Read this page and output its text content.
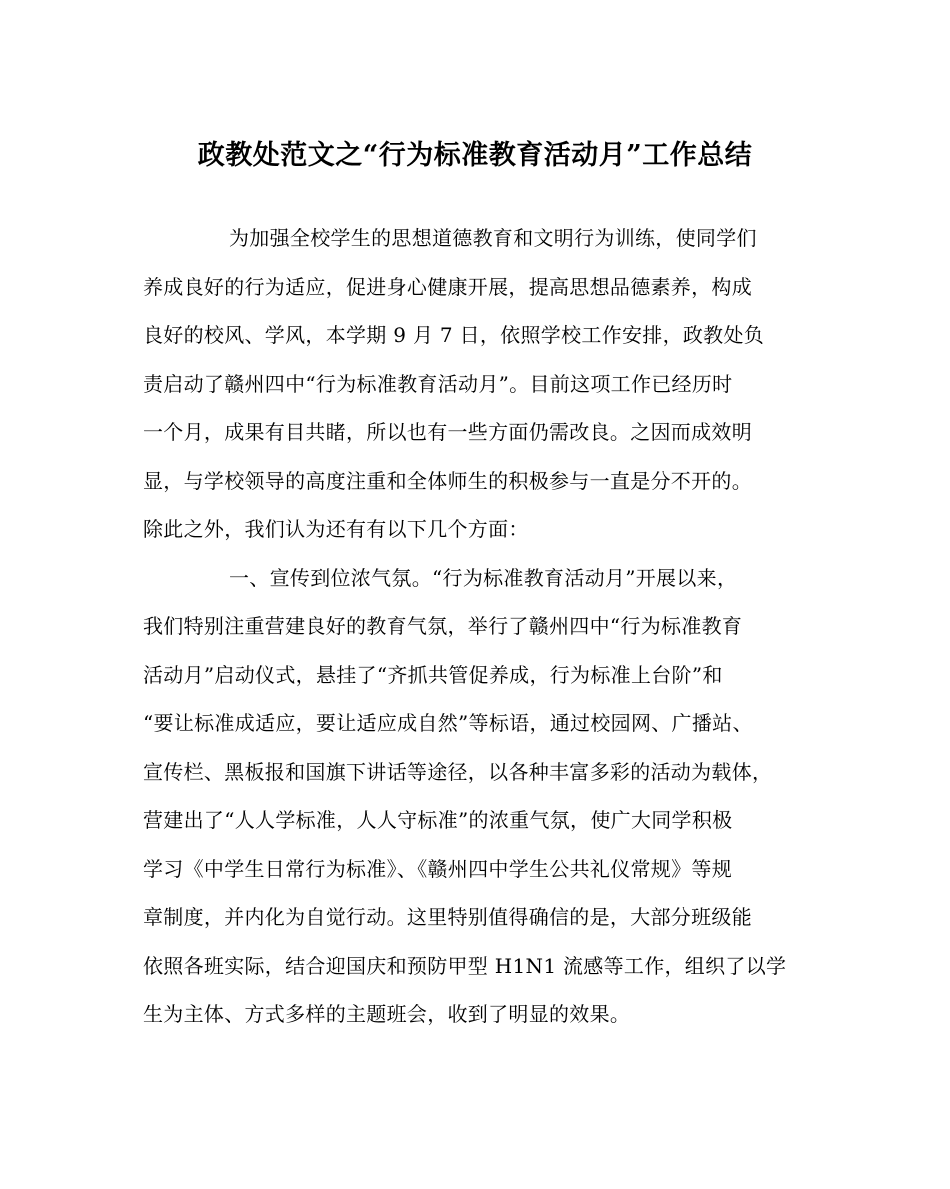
政教处范文之“行为标准教育活动月”工作总结
为加强全校学生的思想道德教育和文明行为训练，使同学们
养成良好的行为适应，促进身心健康开展，提高思想品德素养，构成
良好的校风、学风，本学期 9 月 7 日，依照学校工作安排，政教处负
责启动了赣州四中“行为标准教育活动月”。目前这项工作已经历时
一个月，成果有目共睹，所以也有一些方面仍需改良。之因而成效明
显，与学校领导的高度注重和全体师生的积极参与一直是分不开的。
除此之外，我们认为还有有以下几个方面：
一、宣传到位浓气氛。“行为标准教育活动月”开展以来，
我们特别注重营建良好的教育气氛，举行了赣州四中“行为标准教育
活动月”启动仪式，悬挂了“齐抓共管促养成，行为标准上台阶”和
“要让标准成适应，要让适应成自然”等标语，通过校园网、广播站、
宣传栏、黑板报和国旗下讲话等途径，以各种丰富多彩的活动为载体，
营建出了“人人学标准，人人守标准”的浓重气氛，使广大同学积极
学习《中学生日常行为标准》、《赣州四中学生公共礼仪常规》等规
章制度，并内化为自觉行动。这里特别值得确信的是，大部分班级能
依照各班实际，结合迎国庆和预防甲型 H1N1 流感等工作，组织了以学
生为主体、方式多样的主题班会，收到了明显的效果。
